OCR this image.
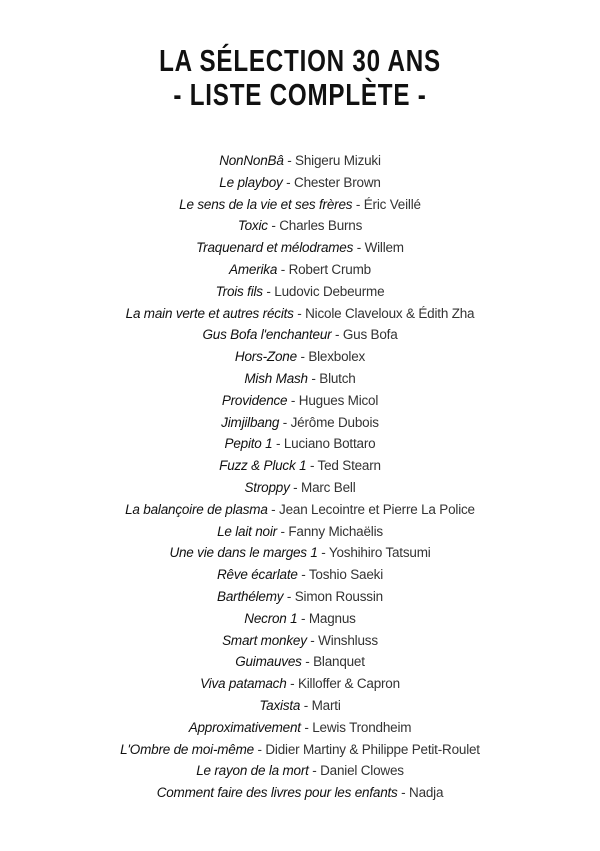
LA SÉLECTION 30 ANS
- LISTE COMPLÈTE -
NonNonBâ - Shigeru Mizuki
Le playboy - Chester Brown
Le sens de la vie et ses frères - Éric Veillé
Toxic - Charles Burns
Traquenard et mélodrames - Willem
Amerika - Robert Crumb
Trois fils - Ludovic Debeurme
La main verte et autres récits - Nicole Claveloux & Édith Zha
Gus Bofa l'enchanteur - Gus Bofa
Hors-Zone - Blexbolex
Mish Mash - Blutch
Providence - Hugues Micol
Jimjilbang - Jérôme Dubois
Pepito 1 - Luciano Bottaro
Fuzz & Pluck 1 - Ted Stearn
Stroppy - Marc Bell
La balançoire de plasma - Jean Lecointre et Pierre La Police
Le lait noir - Fanny Michaëlis
Une vie dans le marges 1 - Yoshihiro Tatsumi
Rêve écarlate - Toshio Saeki
Barthélemy - Simon Roussin
Necron 1 - Magnus
Smart monkey - Winshluss
Guimauves - Blanquet
Viva patamach - Killoffer & Capron
Taxista - Marti
Approximativement - Lewis Trondheim
L'Ombre de moi-même - Didier Martiny & Philippe Petit-Roulet
Le rayon de la mort - Daniel Clowes
Comment faire des livres pour les enfants - Nadja
